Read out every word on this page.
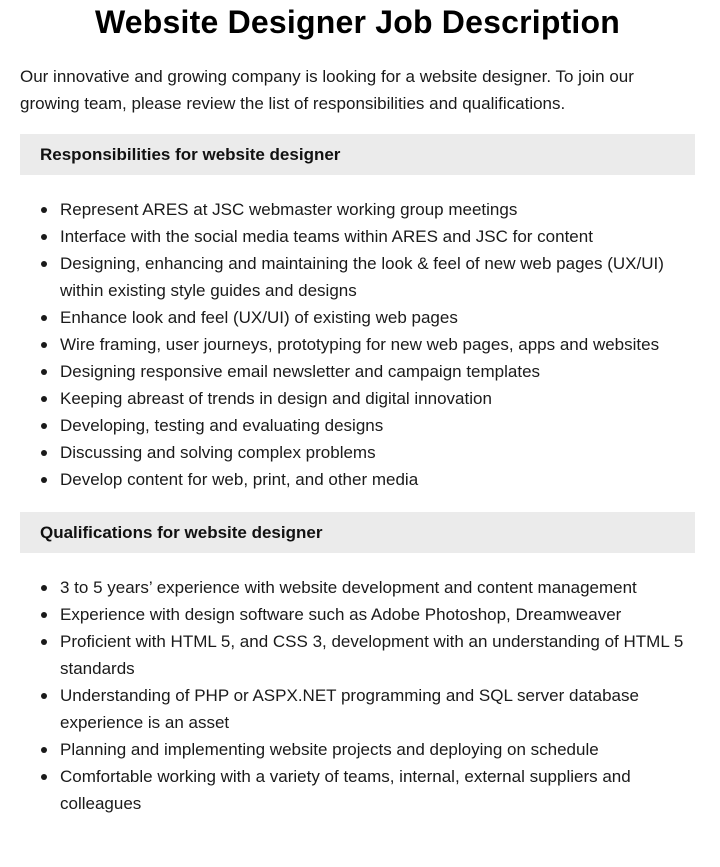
Website Designer Job Description

Our innovative and growing company is looking for a website designer. To join our growing team, please review the list of responsibilities and qualifications.

Responsibilities for website designer
Represent ARES at JSC webmaster working group meetings
Interface with the social media teams within ARES and JSC for content
Designing, enhancing and maintaining the look & feel of new web pages (UX/UI) within existing style guides and designs
Enhance look and feel (UX/UI) of existing web pages
Wire framing, user journeys, prototyping for new web pages, apps and websites
Designing responsive email newsletter and campaign templates
Keeping abreast of trends in design and digital innovation
Developing, testing and evaluating designs
Discussing and solving complex problems
Develop content for web, print, and other media
Qualifications for website designer
3 to 5 years’ experience with website development and content management
Experience with design software such as Adobe Photoshop, Dreamweaver
Proficient with HTML 5, and CSS 3, development with an understanding of HTML 5 standards
Understanding of PHP or ASPX.NET programming and SQL server database experience is an asset
Planning and implementing website projects and deploying on schedule
Comfortable working with a variety of teams, internal, external suppliers and colleagues
